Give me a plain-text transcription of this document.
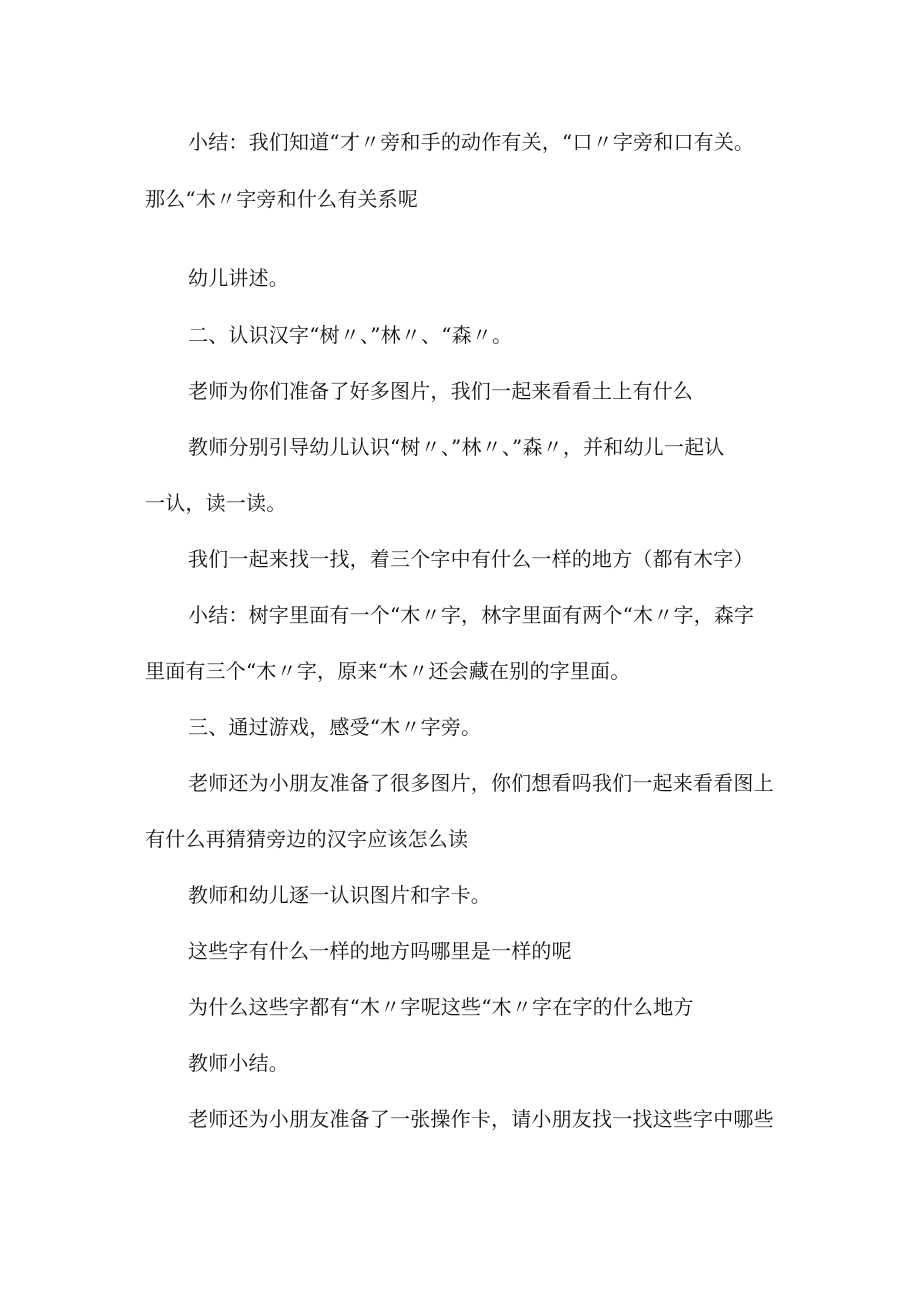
小结：我们知道“才〃旁和手的动作有关，“口〃字旁和口有关。
那么“木〃字旁和什么有关系呢
幼儿讲述。
二、认识汉字“树〃、”林〃、“森〃。
老师为你们准备了好多图片，我们一起来看看土上有什么
教师分别引导幼儿认识“树〃、”林〃、”森〃，并和幼儿一起认
一认，读一读。
我们一起来找一找，着三个字中有什么一样的地方（都有木字）
小结：树字里面有一个“木〃字，林字里面有两个“木〃字，森字
里面有三个“木〃字，原来“木〃还会藏在别的字里面。
三、通过游戏，感受“木〃字旁。
老师还为小朋友准备了很多图片，你们想看吗我们一起来看看图上
有什么再猜猜旁边的汉字应该怎么读
教师和幼儿逐一认识图片和字卡。
这些字有什么一样的地方吗哪里是一样的呢
为什么这些字都有“木〃字呢这些“木〃字在字的什么地方
教师小结。
老师还为小朋友准备了一张操作卡，请小朋友找一找这些字中哪些
